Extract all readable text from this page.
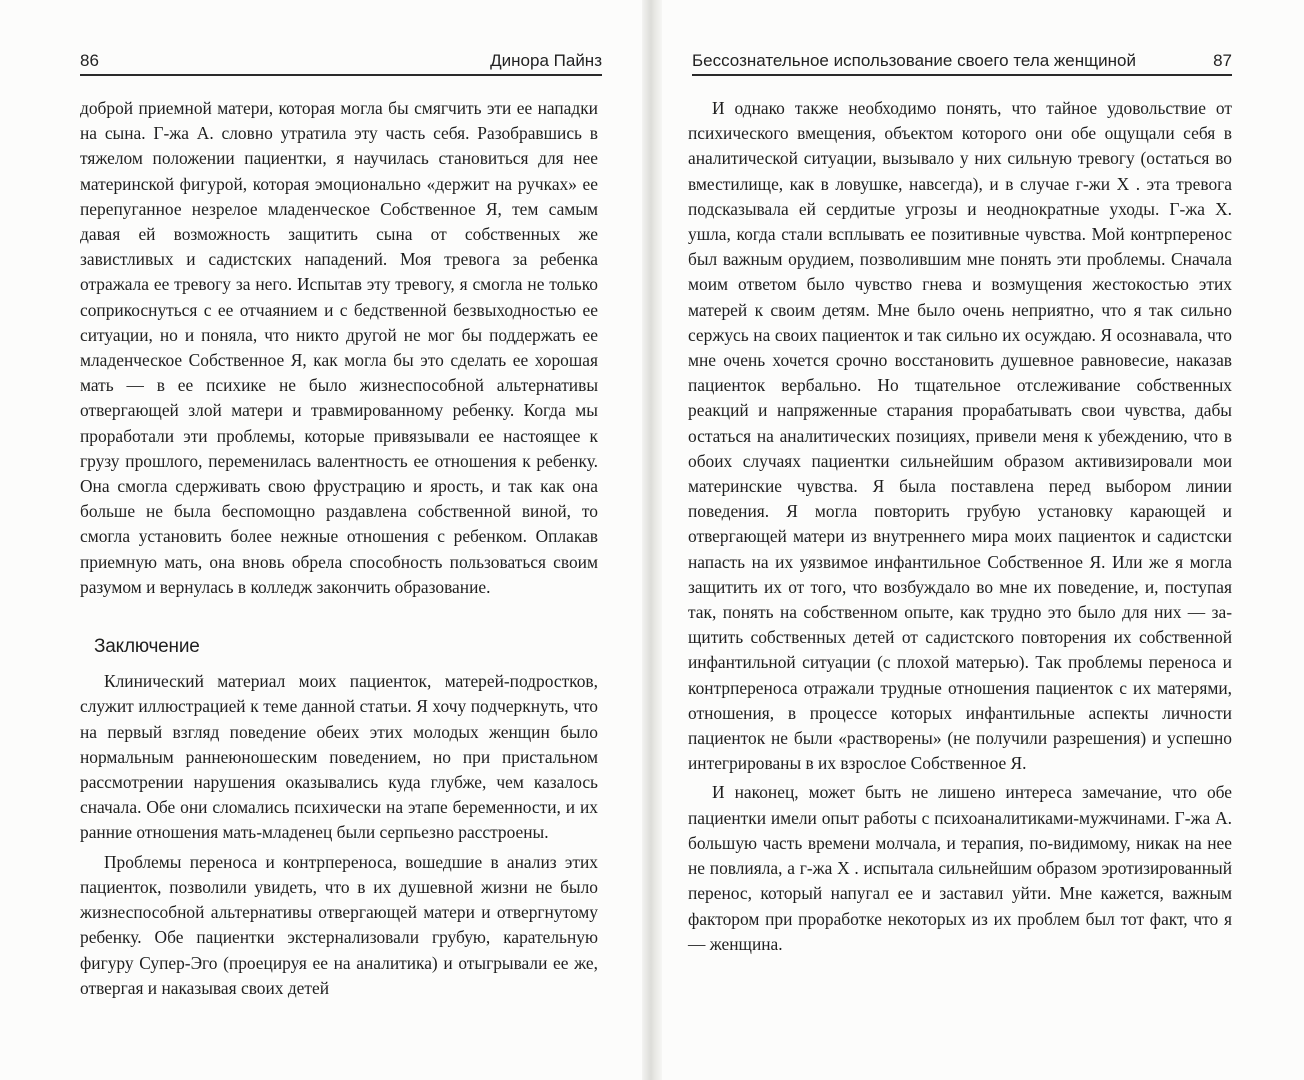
86	Динора Пайнз

доброй приемной матери, которая могла бы смягчить эти ее нападки на сына. Г-жа А. словно утратила эту часть себя. Разобравшись в тяжелом положении пациентки, я научилась становиться для нее материнской фигурой, которая эмоционально «держит на ручках» ее перепуганное незрелое младенческое Собственное Я, тем самым давая ей возможность защитить сына от собственных же завистливых и садистских нападений. Моя тревога за ребенка отражала ее тревогу за него. Испытав эту тревогу, я смогла не только соприкоснуться с ее отчаянием и с бедственной безвыходностью ее ситуации, но и поняла, что никто другой не мог бы поддержать ее младенческое Собственное Я, как могла бы это сделать ее хорошая мать — в ее психике не было жизнеспособной альтернативы отвергающей злой матери и травмированному ребенку. Когда мы проработали эти проблемы, которые привязывали ее настоящее к грузу прошлого, переменилась валентность ее отношения к ребенку. Она смогла сдерживать свою фрустрацию и ярость, и так как она больше не была беспомощно раздавлена собственной виной, то смогла установить более нежные отношения с ребенком. Оплакав приемную мать, она вновь обрела способность пользоваться своим разумом и вернулась в колледж закончить образование.

Заключение

Клинический материал моих пациенток, матерей-подростков, служит иллюстрацией к теме данной статьи. Я хочу подчеркнуть, что на первый взгляд поведение обеих этих молодых женщин было нормальным раннеюношеским поведением, но при пристальном рассмотрении нарушения оказывались куда глубже, чем казалось сначала. Обе они сломались психически на этапе беременности, и их ранние отношения мать-младенец были серпьезно расстроены.

Проблемы переноса и контрпереноса, вошедшие в анализ этих пациенток, позволили увидеть, что в их душевной жизни не было жизнеспособной альтернативы отвергающей матери и отвергнутому ребенку. Обе пациентки экстернализовали грубую, карательную фигуру Супер-Эго (проецируя ее на аналитика) и отыгрывали ее же, отвергая и наказывая своих детей

Бессознательное использование своего тела женщиной	87

И однако также необходимо понять, что тайное удовольствие от психического вмещения, объектом которого они обе ощущали себя в аналитической ситуации, вызывало у них сильную тревогу (остаться во вместилище, как в ловушке, навсегда), и в случае г-жи X . эта тревога подсказывала ей сердитые угрозы и неоднократные уходы. Г-жа X. ушла, когда стали всплывать ее позитивные чувства. Мой контрперенос был важным орудием, позволившим мне понять эти проблемы. Сначала моим ответом было чувство гнева и возмущения жестокостью этих матерей к своим детям. Мне было очень неприятно, что я так сильно сержусь на своих пациенток и так сильно их осуждаю. Я осознавала, что мне очень хочется срочно восстановить душевное равновесие, наказав пациенток вербально. Но тщательное отслеживание собственных реакций и напряженные старания прорабатывать свои чувства, дабы остаться на аналитических позициях, привели меня к убеждению, что в обоих случаях пациентки сильнейшим образом активизировали мои материнские чувства. Я была поставлена перед выбором линии поведения. Я могла повторить грубую установку карающей и отвергающей матери из внутреннего мира моих пациенток и садистски напасть на их уязвимое инфантильное Собственное Я. Или же я могла защитить их от того, что возбуждало во мне их поведение, и, поступая так, понять на собственном опыте, как трудно это было для них — защитить собственных детей от садистского повторения их собственной инфантильной ситуации (с плохой матерью). Так проблемы переноса и контрпереноса отражали трудные отношения пациенток с их матерями, отношения, в процессе которых инфантильные аспекты личности пациенток не были «растворены» (не получили разрешения) и успешно интегрированы в их взрослое Собственное Я.

И наконец, может быть не лишено интереса замечание, что обе пациентки имели опыт работы с психоаналитиками-мужчинами. Г-жа А. большую часть времени молчала, и терапия, по-видимому, никак на нее не повлияла, а г-жа X . испытала сильнейшим образом эротизированный перенос, который напугал ее и заставил уйти. Мне кажется, важным фактором при проработке некоторых из их проблем был тот факт, что я — женщина.
